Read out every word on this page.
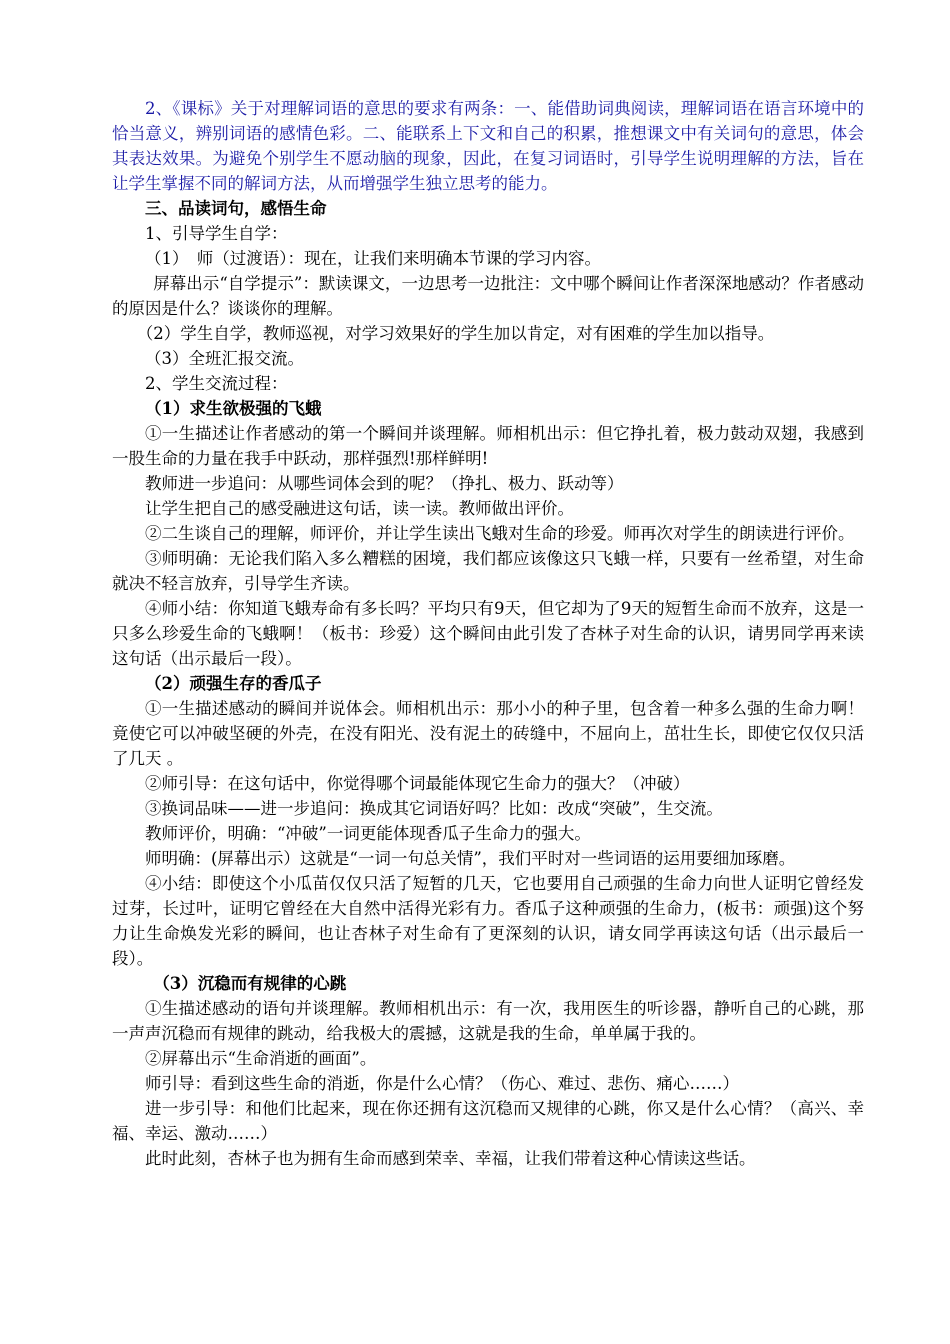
2、《课标》关于对理解词语的意思的要求有两条：一、能借助词典阅读，理解词语在语言环境中的恰当意义，辨别词语的感情色彩。二、能联系上下文和自己的积累，推想课文中有关词句的意思，体会其表达效果。为避免个别学生不愿动脑的现象，因此，在复习词语时，引导学生说明理解的方法，旨在让学生掌握不同的解词方法，从而增强学生独立思考的能力。

三、品读词句，感悟生命

1、引导学生自学：

（1）　师（过渡语）：现在，让我们来明确本节课的学习内容。

屏幕出示“自学提示”：默读课文，一边思考一边批注：文中哪个瞬间让作者深深地感动？作者感动的原因是什么？谈谈你的理解。

（2）学生自学，教师巡视，对学习效果好的学生加以肯定，对有困难的学生加以指导。

（3）全班汇报交流。

2、学生交流过程：

（1）求生欲极强的飞蛾

①一生描述让作者感动的第一个瞬间并谈理解。师相机出示：但它挣扎着，极力鼓动双翅，我感到一股生命的力量在我手中跃动，那样强烈!那样鲜明!

教师进一步追问：从哪些词体会到的呢？（挣扎、极力、跃动等）

让学生把自己的感受融进这句话，读一读。教师做出评价。

②二生谈自己的理解，师评价，并让学生读出飞蛾对生命的珍爱。师再次对学生的朗读进行评价。

③师明确：无论我们陷入多么糟糕的困境，我们都应该像这只飞蛾一样，只要有一丝希望，对生命就决不轻言放弃，引导学生齐读。

④师小结：你知道飞蛾寿命有多长吗？平均只有9天，但它却为了9天的短暂生命而不放弃，这是一只多么珍爱生命的飞蛾啊！（板书：珍爱）这个瞬间由此引发了杏林子对生命的认识，请男同学再来读这句话（出示最后一段）。

（2）顽强生存的香瓜子

①一生描述感动的瞬间并说体会。师相机出示：那小小的种子里，包含着一种多么强的生命力啊！竟使它可以冲破坚硬的外壳，在没有阳光、没有泥土的砖缝中，不屈向上，茁壮生长，即使它仅仅只活了几天 。

②师引导：在这句话中，你觉得哪个词最能体现它生命力的强大？（冲破）

③换词品味——进一步追问：换成其它词语好吗？比如：改成“突破”，生交流。

教师评价，明确：“冲破”一词更能体现香瓜子生命力的强大。

师明确：(屏幕出示）这就是“一词一句总关情”，我们平时对一些词语的运用要细加琢磨。

④小结：即使这个小瓜苗仅仅只活了短暂的几天，它也要用自己顽强的生命力向世人证明它曾经发过芽，长过叶，证明它曾经在大自然中活得光彩有力。香瓜子这种顽强的生命力，(板书：顽强)这个努力让生命焕发光彩的瞬间，也让杏林子对生命有了更深刻的认识，请女同学再读这句话（出示最后一段）。

（3）沉稳而有规律的心跳

①生描述感动的语句并谈理解。教师相机出示：有一次，我用医生的听诊器，静听自己的心跳，那一声声沉稳而有规律的跳动，给我极大的震撼，这就是我的生命，单单属于我的。

②屏幕出示“生命消逝的画面”。

师引导：看到这些生命的消逝，你是什么心情？（伤心、难过、悲伤、痛心……）

进一步引导：和他们比起来，现在你还拥有这沉稳而又规律的心跳，你又是什么心情？（高兴、幸福、幸运、激动……）

此时此刻，杏林子也为拥有生命而感到荣幸、幸福，让我们带着这种心情读这些话。
